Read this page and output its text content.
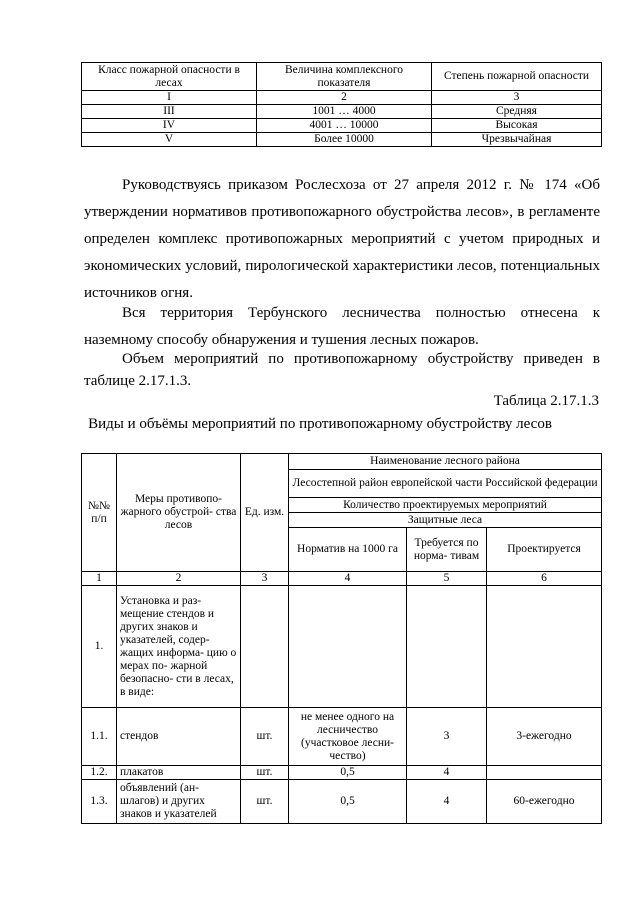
Класс пожарной опасности в лесах	Величина комплексного показателя	Степень пожарной опасности
I	2	3
III	1001 … 4000	Средняя
IV	4001 … 10000	Высокая
V	Более 10000	Чрезвычайная

Руководствуясь приказом Рослесхоза от 27 апреля 2012 г. № 174 «Об утверждении нормативов противопожарного обустройства лесов», в регламенте определен комплекс противопожарных мероприятий с учетом природных и экономических условий, пирологической характеристики лесов, потенциальных источников огня.

Вся территория Тербунского лесничества полностью отнесена к наземному способу обнаружения и тушения лесных пожаров.

Объем мероприятий по противопожарному обустройству приведен в таблице 2.17.1.3.

Таблица 2.17.1.3
Виды и объёмы мероприятий по противопожарному обустройству лесов
№№ п/п	Меры противопо- жарного обустрой- ства лесов	Ед. изм.	Наименование лесного района		
			Лесостепной район европейской части Российской федерации		
			Количество проектируемых мероприятий		
			Защитные леса		
			Норматив на 1000 га	Требуется по норма- тивам	Проектируется
1	2	3	4	5	6
1.	Установка и раз- мещение стендов и других знаков и указателей, содер- жащих информа- цию о мерах по- жарной безопасно- сти в лесах, в виде:				
1.1.	стендов	шт.	не менее одного на лесничество (участковое лесни- чество)	3	3-ежегодно
1.2.	плакатов	шт.	0,5	4	
1.3.	объявлений (ан- шлагов) и других знаков и указателей	шт.	0,5	4	60-ежегодно
